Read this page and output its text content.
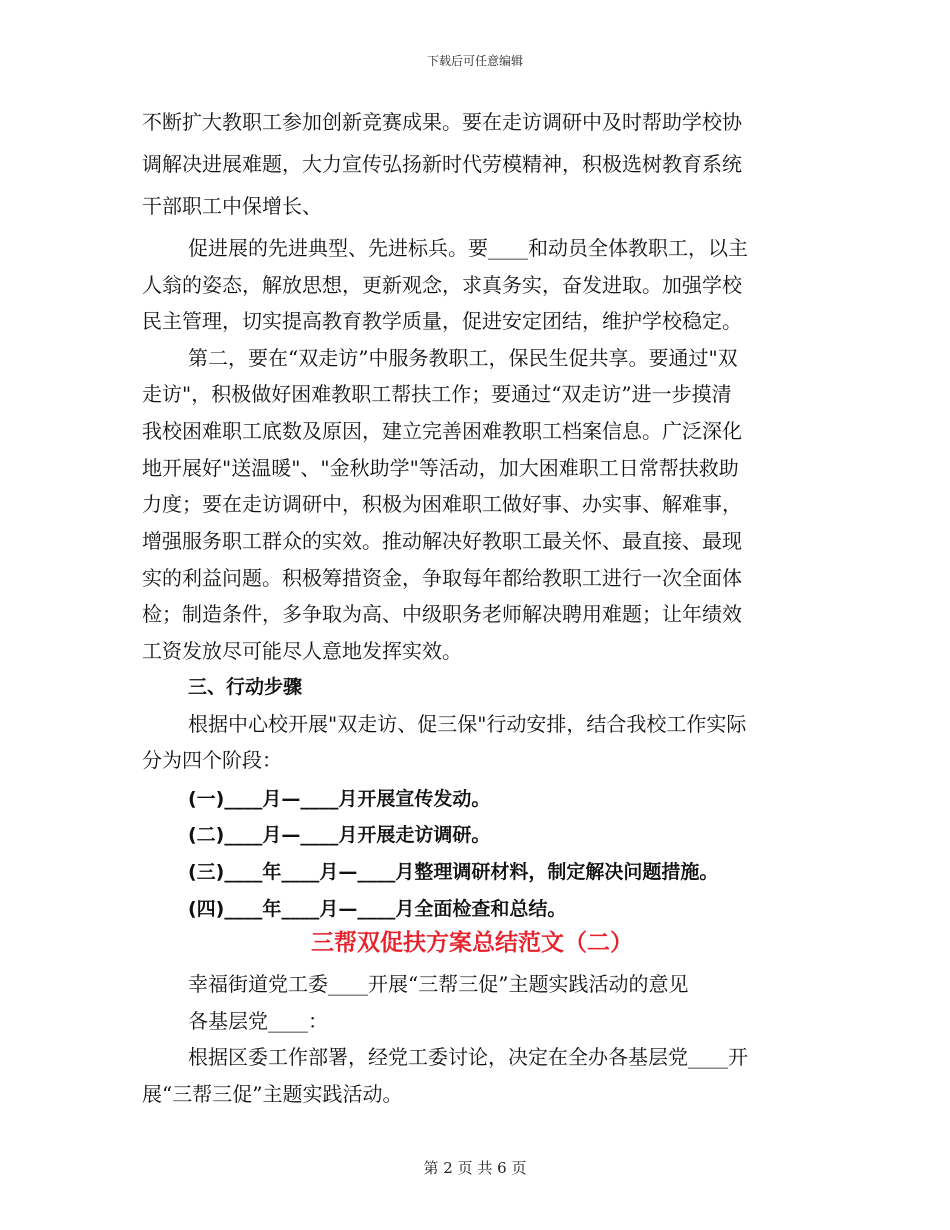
下载后可任意编辑
不断扩大教职工参加创新竞赛成果。要在走访调研中及时帮助学校协
调解决进展难题，大力宣传弘扬新时代劳模精神，积极选树教育系统
干部职工中保增长、
促进展的先进典型、先进标兵。要____和动员全体教职工，以主
人翁的姿态，解放思想，更新观念，求真务实，奋发进取。加强学校
民主管理，切实提高教育教学质量，促进安定团结，维护学校稳定。
第二，要在“双走访”中服务教职工，保民生促共享。要通过"双
走访"，积极做好困难教职工帮扶工作；要通过“双走访”进一步摸清
我校困难职工底数及原因，建立完善困难教职工档案信息。广泛深化
地开展好"送温暖"、"金秋助学"等活动，加大困难职工日常帮扶救助
力度；要在走访调研中，积极为困难职工做好事、办实事、解难事，
增强服务职工群众的实效。推动解决好教职工最关怀、最直接、最现
实的利益问题。积极筹措资金，争取每年都给教职工进行一次全面体
检；制造条件，多争取为高、中级职务老师解决聘用难题；让年绩效
工资发放尽可能尽人意地发挥实效。
三、行动步骤
根据中心校开展"双走访、促三保"行动安排，结合我校工作实际
分为四个阶段：
(一)____月—____月开展宣传发动。
(二)____月—____月开展走访调研。
(三)____年____月—____月整理调研材料，制定解决问题措施。
(四)____年____月—____月全面检查和总结。
三帮双促扶方案总结范文（二）
幸福街道党工委____开展“三帮三促”主题实践活动的意见
各基层党____：
根据区委工作部署，经党工委讨论，决定在全办各基层党____开
展“三帮三促”主题实践活动。
第 2 页 共 6 页
